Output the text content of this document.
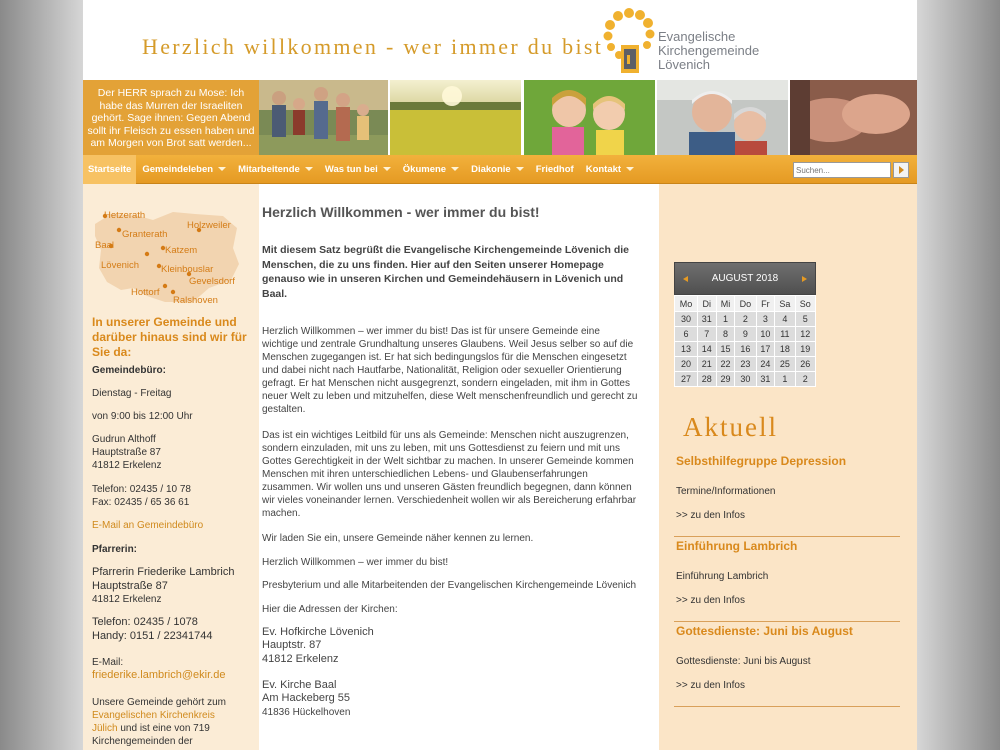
Herzlich willkommen - wer immer du bist	Evangelische
Kirchengemeinde
Lövenich
Der HERR sprach zu Mose: Ich habe das Murren der Israeliten gehört. Sage ihnen: Gegen Abend sollt ihr Fleisch zu essen haben und am Morgen von Brot satt werden...
Startseite	Gemeindeleben	Mitarbeitende	Was tun bei	Ökumene	Diakonie	Friedhof	Kontakt
Suchen...
Hetzerath
Granterath
Holzweiler
Baal	Katzem
Lövenich Kleinbouslar
Gevelsdorf
Hottorf
Ralshoven
In unserer Gemeinde und darüber hinaus sind wir für Sie da:
Gemeindebüro:
Dienstag - Freitag
von 9:00 bis 12:00 Uhr
Gudrun Althoff
Hauptstraße 87
41812 Erkelenz
Telefon: 02435 / 10 78
Fax: 02435 / 65 36 61
E-Mail an Gemeindebüro
Pfarrerin:
Pfarrerin Friederike Lambrich
Hauptstraße 87
41812 Erkelenz
Telefon: 02435 / 1078
Handy: 0151 / 22341744
E-Mail:
friederike.lambrich@ekir.de
Unsere Gemeinde gehört zum
Evangelischen Kirchenkreis
Jülich und ist eine von 719
Kirchengemeinden der
Herzlich Willkommen - wer immer du bist!
Mit diesem Satz begrüßt die Evangelische Kirchengemeinde Lövenich die Menschen, die zu uns finden. Hier auf den Seiten unserer Homepage genauso wie in unseren Kirchen und Gemeindehäusern in Lövenich und Baal.
Herzlich Willkommen – wer immer du bist! Das ist für unsere Gemeinde eine wichtige und zentrale Grundhaltung unseres Glaubens. Weil Jesus selber so auf die Menschen zugegangen ist. Er hat sich bedingungslos für die Menschen eingesetzt und dabei nicht nach Hautfarbe, Nationalität, Religion oder sexueller Orientierung gefragt. Er hat Menschen nicht ausgegrenzt, sondern eingeladen, mit ihm in Gottes neuer Welt zu leben und mitzuhelfen, diese Welt menschenfreundlich und gerecht zu gestalten.
Das ist ein wichtiges Leitbild für uns als Gemeinde: Menschen nicht auszugrenzen, sondern einzuladen, mit uns zu leben, mit uns Gottesdienst zu feiern und mit uns Gottes Gerechtigkeit in der Welt sichtbar zu machen. In unserer Gemeinde kommen Menschen mit ihren unterschiedlichen Lebens- und Glaubenserfahrungen zusammen. Wir wollen uns und unseren Gästen freundlich begegnen, dann können wir vieles voneinander lernen. Verschiedenheit wollen wir als Bereicherung erfahrbar machen.
Wir laden Sie ein, unsere Gemeinde näher kennen zu lernen.
Herzlich Willkommen – wer immer du bist!
Presbyterium und alle Mitarbeitenden der Evangelischen Kirchengemeinde Lövenich
Hier die Adressen der Kirchen:
Ev. Hofkirche Lövenich
Hauptstr. 87
41812 Erkelenz
Ev. Kirche Baal
Am Hackeberg 55
41836 Hückelhoven
AUGUST 2018
Mo	Di	Mi	Do	Fr	Sa	So
30	31	1	2	3	4	5
6	7	8	9	10	11	12
13	14	15	16	17	18	19
20	21	22	23	24	25	26
27	28	29	30	31	1	2
Aktuell
Selbsthilfegruppe Depression
Termine/Informationen
>> zu den Infos
Einführung Lambrich
Einführung Lambrich
>> zu den Infos
Gottesdienste: Juni bis August
Gottesdienste: Juni bis August
>> zu den Infos
